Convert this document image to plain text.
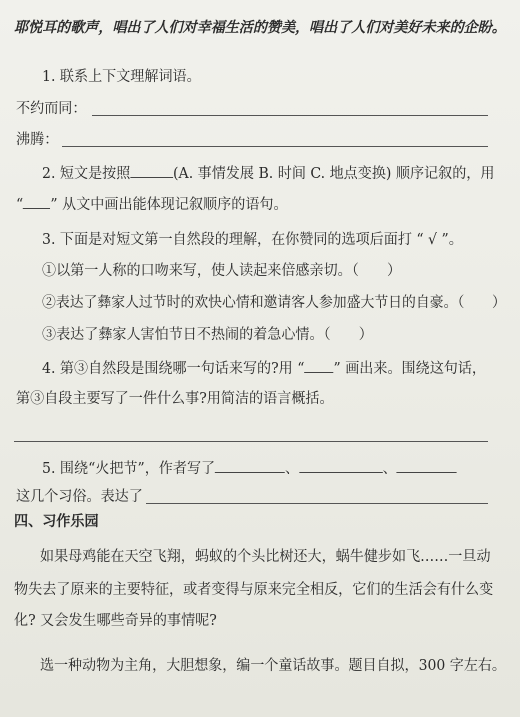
耶悦耳的歌声，唱出了人们对幸福生活的赞美，唱出了人们对美好未来的企盼。
1. 联系上下文理解词语。
不约而同：
沸腾：
2. 短文是按照	(A. 事情发展 B. 时间 C. 地点变换) 顺序记叙的，用
“ ” 从文中画出能体现记叙顺序的语句。
3. 下面是对短文第一自然段的理解，在你赞同的选项后面打 “ √ ”。
①以第一人称的口吻来写，使人读起来倍感亲切。（　　）
②表达了彝家人过节时的欢快心情和邀请客人参加盛大节日的自豪。（　　）
③表达了彝家人害怕节日不热闹的着急心情。（　　）
4. 第③自然段是围绕哪一句话来写的?用 “ ” 画出来。围绕这句话，
第③自段主要写了一件什么事?用简洁的语言概括。
5. 围绕“火把节”，作者写了	、	、
这几个习俗。表达了
四、习作乐园
如果母鸡能在天空飞翔，蚂蚁的个头比树还大，蜗牛健步如飞……一旦动
物失去了原来的主要特征，或者变得与原来完全相反，它们的生活会有什么变
化? 又会发生哪些奇异的事情呢?
选一种动物为主角，大胆想象，编一个童话故事。题目自拟，300 字左右。
